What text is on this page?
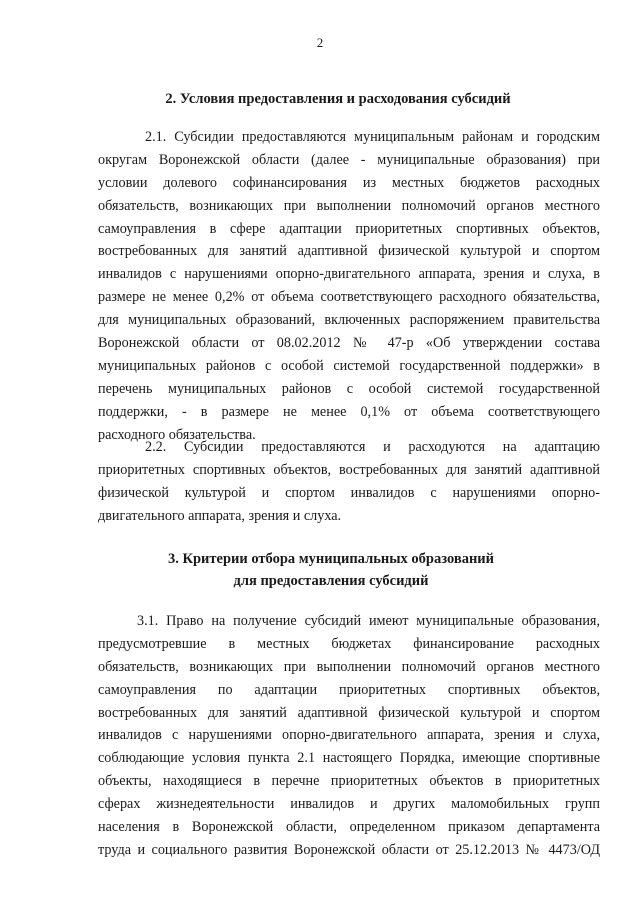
2
2. Условия предоставления и расходования субсидий
2.1. Субсидии предоставляются муниципальным районам и городским
округам Воронежской области (далее - муниципальные образования) при
условии долевого софинансирования из местных бюджетов расходных
обязательств, возникающих при выполнении полномочий органов местного
самоуправления в сфере адаптации приоритетных спортивных объектов,
востребованных для занятий адаптивной физической культурой и спортом
инвалидов с нарушениями опорно-двигательного аппарата, зрения и слуха, в
размере не менее 0,2% от объема соответствующего расходного обязательства,
для муниципальных образований, включенных распоряжением правительства
Воронежской области от 08.02.2012 № 47-р «Об утверждении состава
муниципальных районов с особой системой государственной поддержки» в
перечень муниципальных районов с особой системой государственной
поддержки, - в размере не менее 0,1% от объема соответствующего
расходного обязательства.
2.2. Субсидии предоставляются и расходуются на адаптацию
приоритетных спортивных объектов, востребованных для занятий адаптивной
физической культурой и спортом инвалидов с нарушениями опорно-
двигательного аппарата, зрения и слуха.
3. Критерии отбора муниципальных образований
для предоставления субсидий
3.1. Право на получение субсидий имеют муниципальные образования,
предусмотревшие в местных бюджетах финансирование расходных
обязательств, возникающих при выполнении полномочий органов местного
самоуправления по адаптации приоритетных спортивных объектов,
востребованных для занятий адаптивной физической культурой и спортом
инвалидов с нарушениями опорно-двигательного аппарата, зрения и слуха,
соблюдающие условия пункта 2.1 настоящего Порядка, имеющие спортивные
объекты, находящиеся в перечне приоритетных объектов в приоритетных
сферах жизнедеятельности инвалидов и других маломобильных групп
населения в Воронежской области, определенном приказом департамента
труда и социального развития Воронежской области от 25.12.2013 № 4473/ОД
